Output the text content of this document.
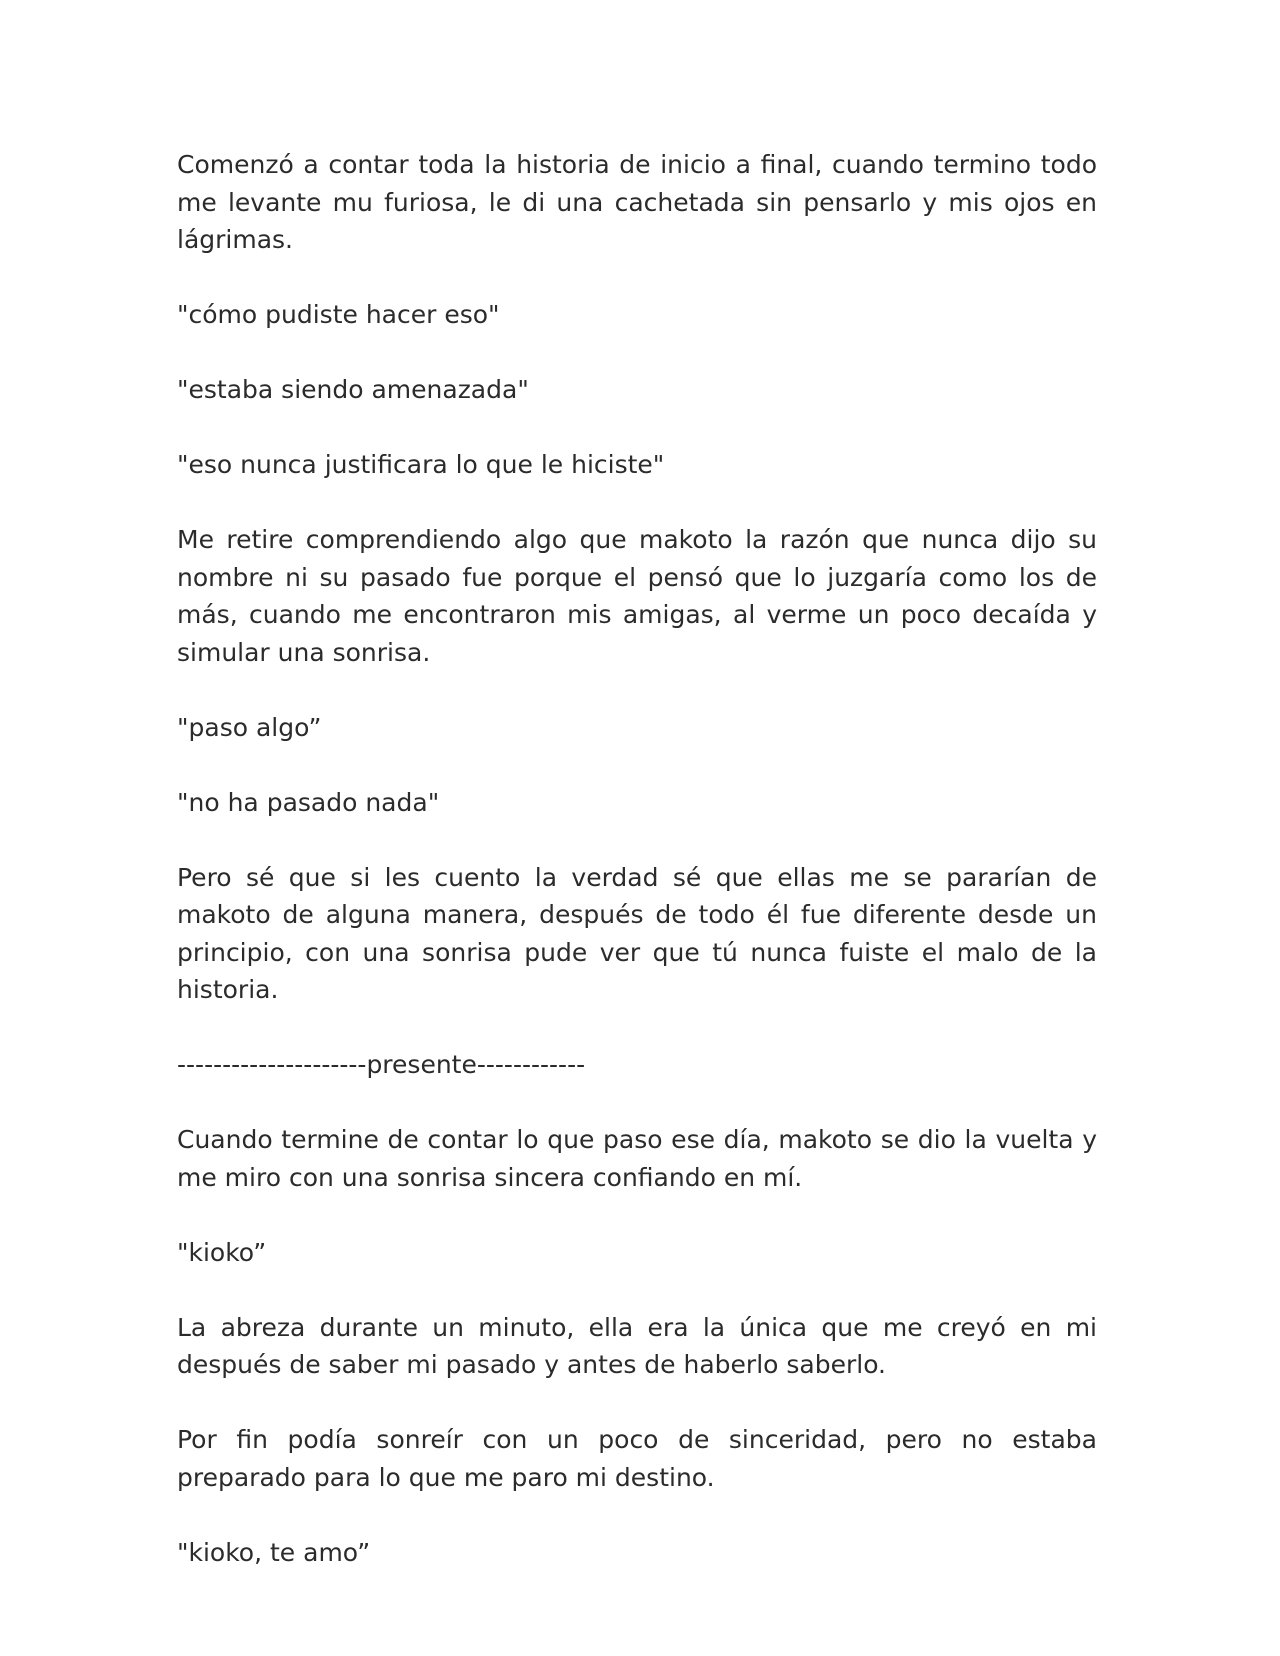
Comenzó a contar toda la historia de inicio a final, cuando termino todo me levante mu furiosa, le di una cachetada sin pensarlo y mis ojos en lágrimas.

"cómo pudiste hacer eso"

"estaba siendo amenazada"

"eso nunca justificara lo que le hiciste"

Me retire comprendiendo algo que makoto la razón que nunca dijo su nombre ni su pasado fue porque el pensó que lo juzgaría como los de más, cuando me encontraron mis amigas, al verme un poco decaída y simular una sonrisa.

"paso algo”

"no ha pasado nada"

Pero sé que si les cuento la verdad sé que ellas me se pararían de makoto de alguna manera, después de todo él fue diferente desde un principio, con una sonrisa pude ver que tú nunca fuiste el malo de la historia.

---------------------presente------------

Cuando termine de contar lo que paso ese día, makoto se dio la vuelta y me miro con una sonrisa sincera confiando en mí.

"kioko”

La abreza durante un minuto, ella era la única que me creyó en mi después de saber mi pasado y antes de haberlo saberlo.

Por fin podía sonreír con un poco de sinceridad, pero no estaba preparado para lo que me paro mi destino.

"kioko, te amo”
